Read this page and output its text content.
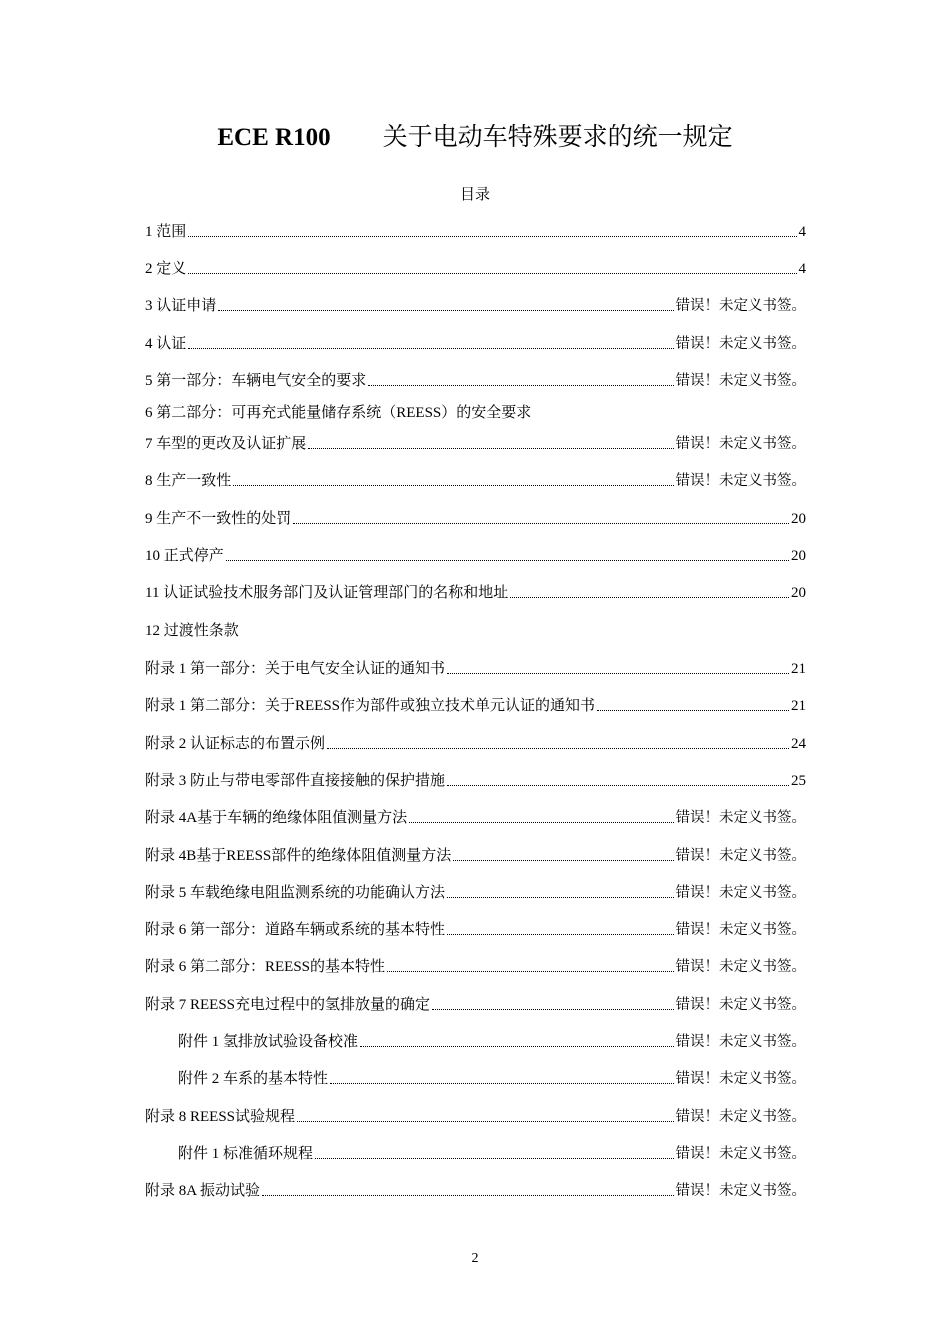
ECE R100 关于电动车特殊要求的统一规定
目录
1 范围	4
2 定义	4
3 认证申请	错误！未定义书签。
4 认证	错误！未定义书签。
5 第一部分：车辆电气安全的要求	错误！未定义书签。
6 第二部分：可再充式能量储存系统（REESS）的安全要求
7 车型的更改及认证扩展	错误！未定义书签。
8 生产一致性	错误！未定义书签。
9 生产不一致性的处罚	20
10 正式停产	20
11 认证试验技术服务部门及认证管理部门的名称和地址	20
12 过渡性条款
附录 1 第一部分：关于电气安全认证的通知书	21
附录 1 第二部分：关于REESS作为部件或独立技术单元认证的通知书	21
附录 2 认证标志的布置示例	24
附录 3 防止与带电零部件直接接触的保护措施	25
附录 4A基于车辆的绝缘体阻值测量方法	错误！未定义书签。
附录 4B基于REESS部件的绝缘体阻值测量方法	错误！未定义书签。
附录 5 车载绝缘电阻监测系统的功能确认方法	错误！未定义书签。
附录 6 第一部分：道路车辆或系统的基本特性	错误！未定义书签。
附录 6 第二部分：REESS的基本特性	错误！未定义书签。
附录 7 REESS充电过程中的氢排放量的确定	错误！未定义书签。
附件 1 氢排放试验设备校准	错误！未定义书签。
附件 2 车系的基本特性	错误！未定义书签。
附录 8 REESS试验规程	错误！未定义书签。
附件 1 标准循环规程	错误！未定义书签。
附录 8A 振动试验	错误！未定义书签。
2
